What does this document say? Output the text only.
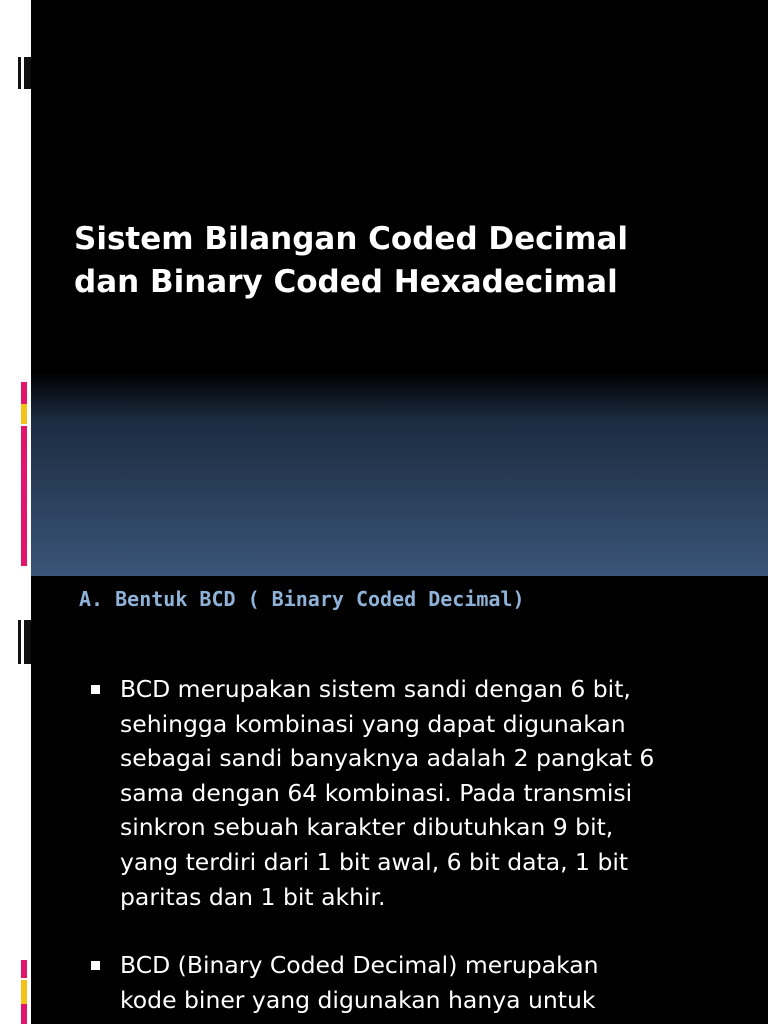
Sistem Bilangan Coded Decimal
dan Binary Coded Hexadecimal
A. Bentuk BCD ( Binary Coded Decimal)
BCD merupakan sistem sandi dengan 6 bit,
sehingga kombinasi yang dapat digunakan
sebagai sandi banyaknya adalah 2 pangkat 6
sama dengan 64 kombinasi. Pada transmisi
sinkron sebuah karakter dibutuhkan 9 bit,
yang terdiri dari 1 bit awal, 6 bit data, 1 bit
paritas dan 1 bit akhir.
BCD (Binary Coded Decimal) merupakan
kode biner yang digunakan hanya untuk
